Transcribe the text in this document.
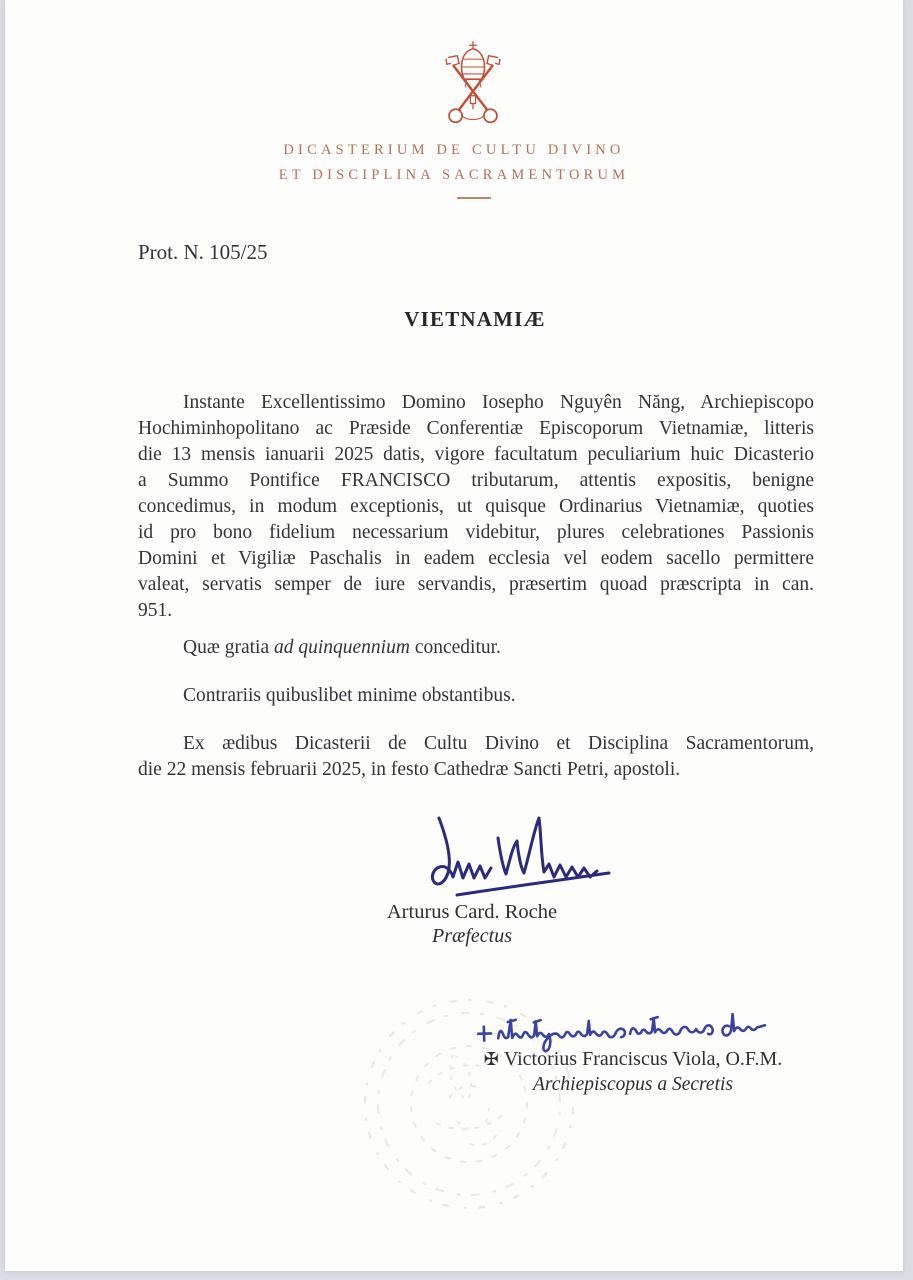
DICASTERIUM DE CULTU DIVINO
ET DISCIPLINA SACRAMENTORUM
Prot. N. 105/25
VIETNAMIÆ
Instante Excellentissimo Domino Iosepho Nguyên Năng, Archiepiscopo
Hochiminhopolitano ac Præside Conferentiæ Episcoporum Vietnamiæ, litteris
die 13 mensis ianuarii 2025 datis, vigore facultatum peculiarium huic Dicasterio
a Summo Pontifice FRANCISCO tributarum, attentis expositis, benigne
concedimus, in modum exceptionis, ut quisque Ordinarius Vietnamiæ, quoties
id pro bono fidelium necessarium videbitur, plures celebrationes Passionis
Domini et Vigiliæ Paschalis in eadem ecclesia vel eodem sacello permittere
valeat, servatis semper de iure servandis, præsertim quoad præscripta in can.
951.
Quæ gratia ad quinquennium conceditur.
Contrariis quibuslibet minime obstantibus.
Ex ædibus Dicasterii de Cultu Divino et Disciplina Sacramentorum,
die 22 mensis februarii 2025, in festo Cathedræ Sancti Petri, apostoli.
Arturus Card. Roche
Præfectus
✠ Victorius Franciscus Viola, O.F.M.
Archiepiscopus a Secretis
